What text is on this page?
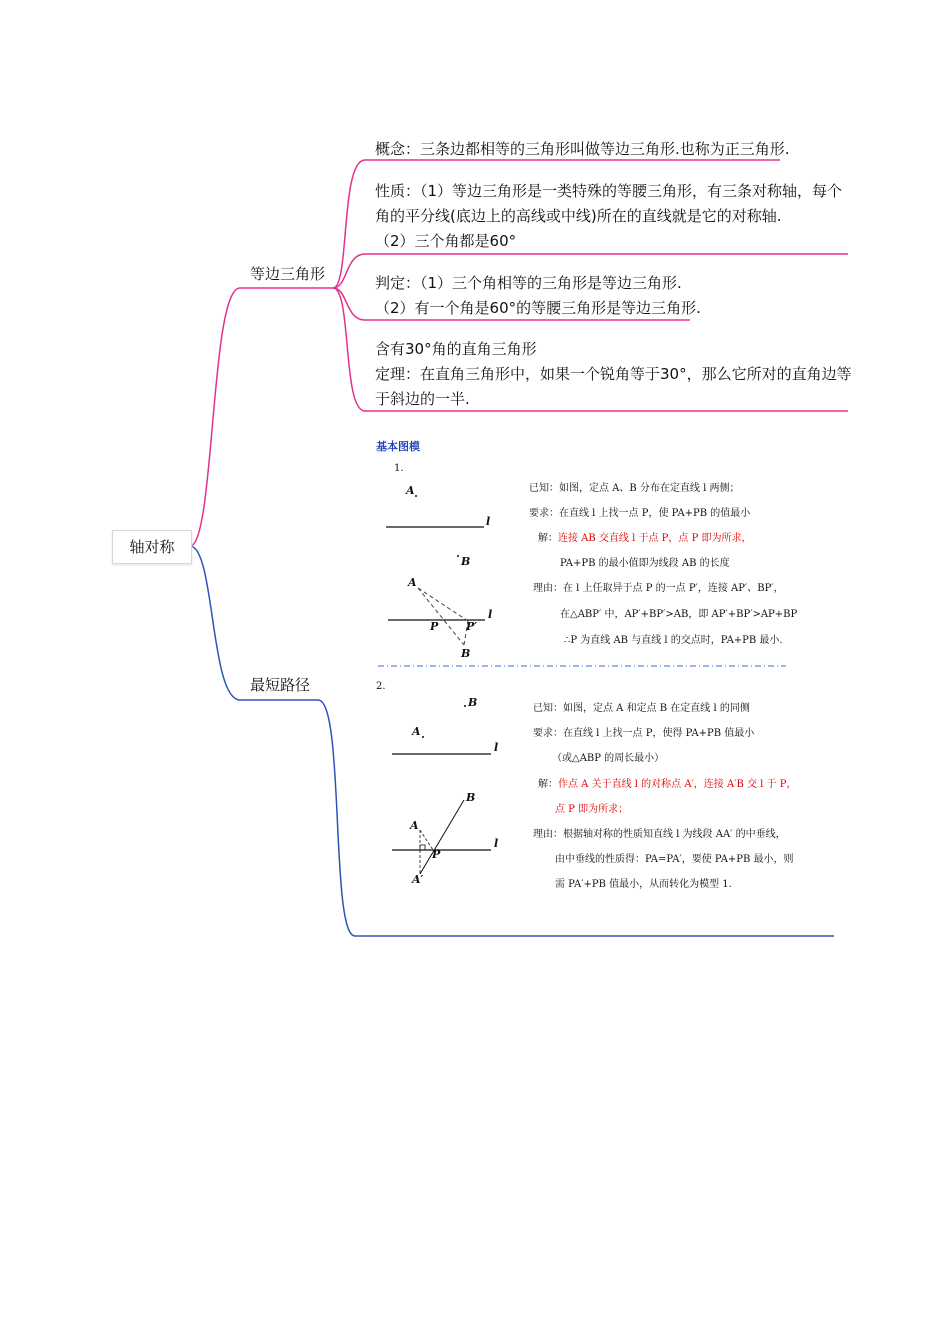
轴对称
等边三角形
最短路径
概念：三条边都相等的三角形叫做等边三角形.也称为正三角形.
性质：（1）等边三角形是一类特殊的等腰三角形，有三条对称轴，每个
角的平分线(底边上的高线或中线)所在的直线就是它的对称轴.
（2）三个角都是60°
判定：（1）三个角相等的三角形是等边三角形.
（2）有一个角是60°的等腰三角形是等边三角形.
含有30°角的直角三角形
定理：在直角三角形中，如果一个锐角等于30°，那么它所对的直角边等
于斜边的一半.
基本图模
1.
A
l
B
A
l
P	P′
B
已知：如图，定点 A、B 分布在定直线 l 两侧；
要求：在直线 l 上找一点 P，使 PA+PB 的值最小
解：连接 AB 交直线 l 于点 P，点 P 即为所求，
PA+PB 的最小值即为线段 AB 的长度
理由：在 l 上任取异于点 P 的一点 P′，连接 AP′、BP′，
在△ABP′ 中，AP′+BP′>AB，即 AP′+BP′>AP+BP
∴P 为直线 AB 与直线 l 的交点时，PA+PB 最小.
2.
B
A
l
B
A
l
P
A′
已知：如图，定点 A 和定点 B 在定直线 l 的同侧
要求：在直线 l 上找一点 P，使得 PA+PB 值最小
（或△ABP 的周长最小）
解：作点 A 关于直线 l 的对称点 A′，连接 A′B 交 l 于 P，
点 P 即为所求；
理由：根据轴对称的性质知直线 l 为线段 AA′ 的中垂线，
由中垂线的性质得：PA=PA′，要使 PA+PB 最小，则
需 PA′+PB 值最小，从而转化为模型 1.
